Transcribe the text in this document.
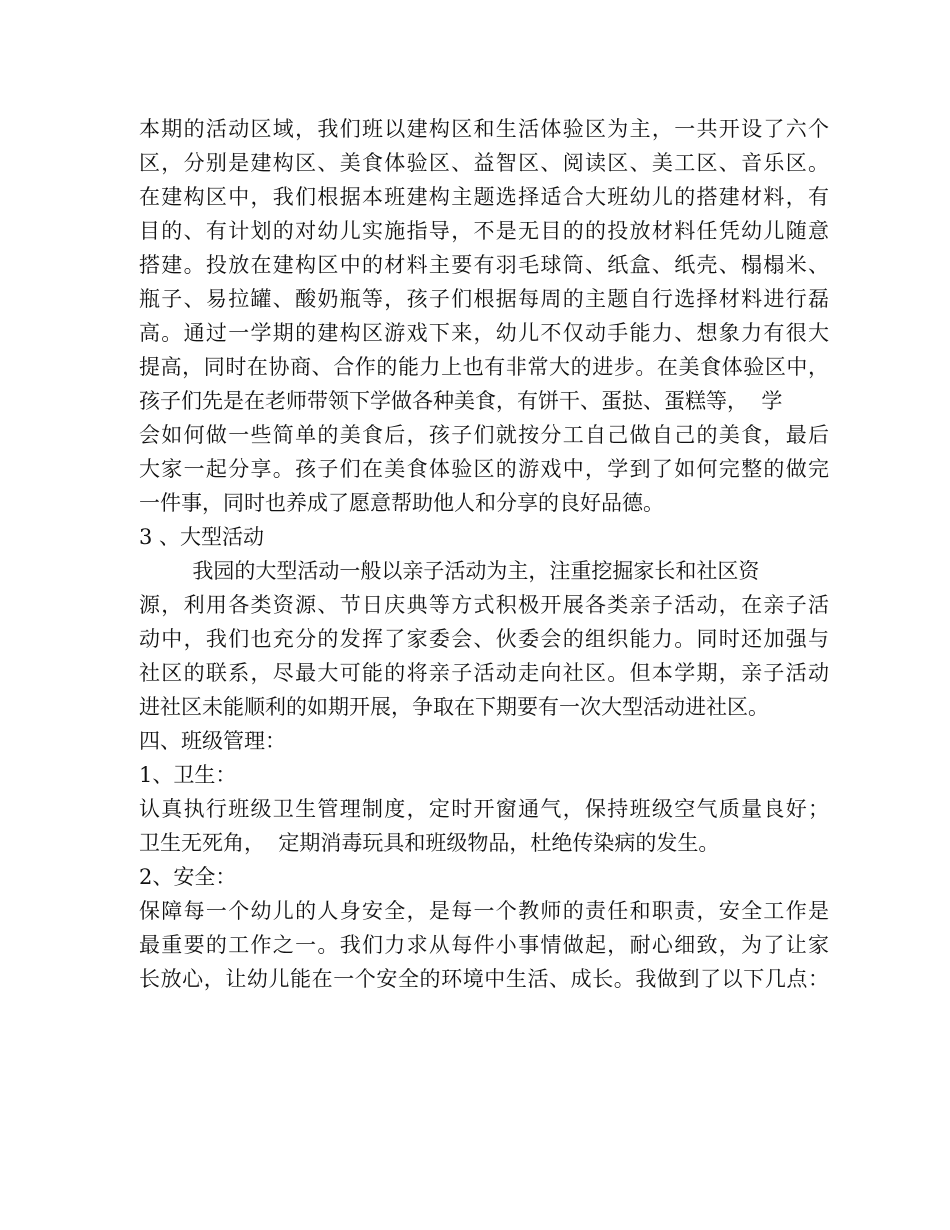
本期的活动区域，我们班以建构区和生活体验区为主，一共开设了六个
区，分别是建构区、美食体验区、益智区、阅读区、美工区、音乐区。
在建构区中，我们根据本班建构主题选择适合大班幼儿的搭建材料，有
目的、有计划的对幼儿实施指导，不是无目的的投放材料任凭幼儿随意
搭建。投放在建构区中的材料主要有羽毛球筒、纸盒、纸壳、榻榻米、
瓶子、易拉罐、酸奶瓶等，孩子们根据每周的主题自行选择材料进行磊
高。通过一学期的建构区游戏下来，幼儿不仅动手能力、想象力有很大
提高，同时在协商、合作的能力上也有非常大的进步。在美食体验区中，
孩子们先是在老师带领下学做各种美食，有饼干、蛋挞、蛋糕等，  学
会如何做一些简单的美食后，孩子们就按分工自己做自己的美食，最后
大家一起分享。孩子们在美食体验区的游戏中，学到了如何完整的做完
一件事，同时也养成了愿意帮助他人和分享的良好品德。
3 、大型活动
我园的大型活动一般以亲子活动为主，注重挖掘家长和社区资
源，利用各类资源、节日庆典等方式积极开展各类亲子活动，在亲子活
动中，我们也充分的发挥了家委会、伙委会的组织能力。同时还加强与
社区的联系，尽最大可能的将亲子活动走向社区。但本学期，亲子活动
进社区未能顺利的如期开展，争取在下期要有一次大型活动进社区。
四、班级管理：
1、卫生：
认真执行班级卫生管理制度，定时开窗通气，保持班级空气质量良好；
卫生无死角，  定期消毒玩具和班级物品，杜绝传染病的发生。
2、安全：
保障每一个幼儿的人身安全，是每一个教师的责任和职责，安全工作是
最重要的工作之一。我们力求从每件小事情做起，耐心细致，为了让家
长放心，让幼儿能在一个安全的环境中生活、成长。我做到了以下几点：
